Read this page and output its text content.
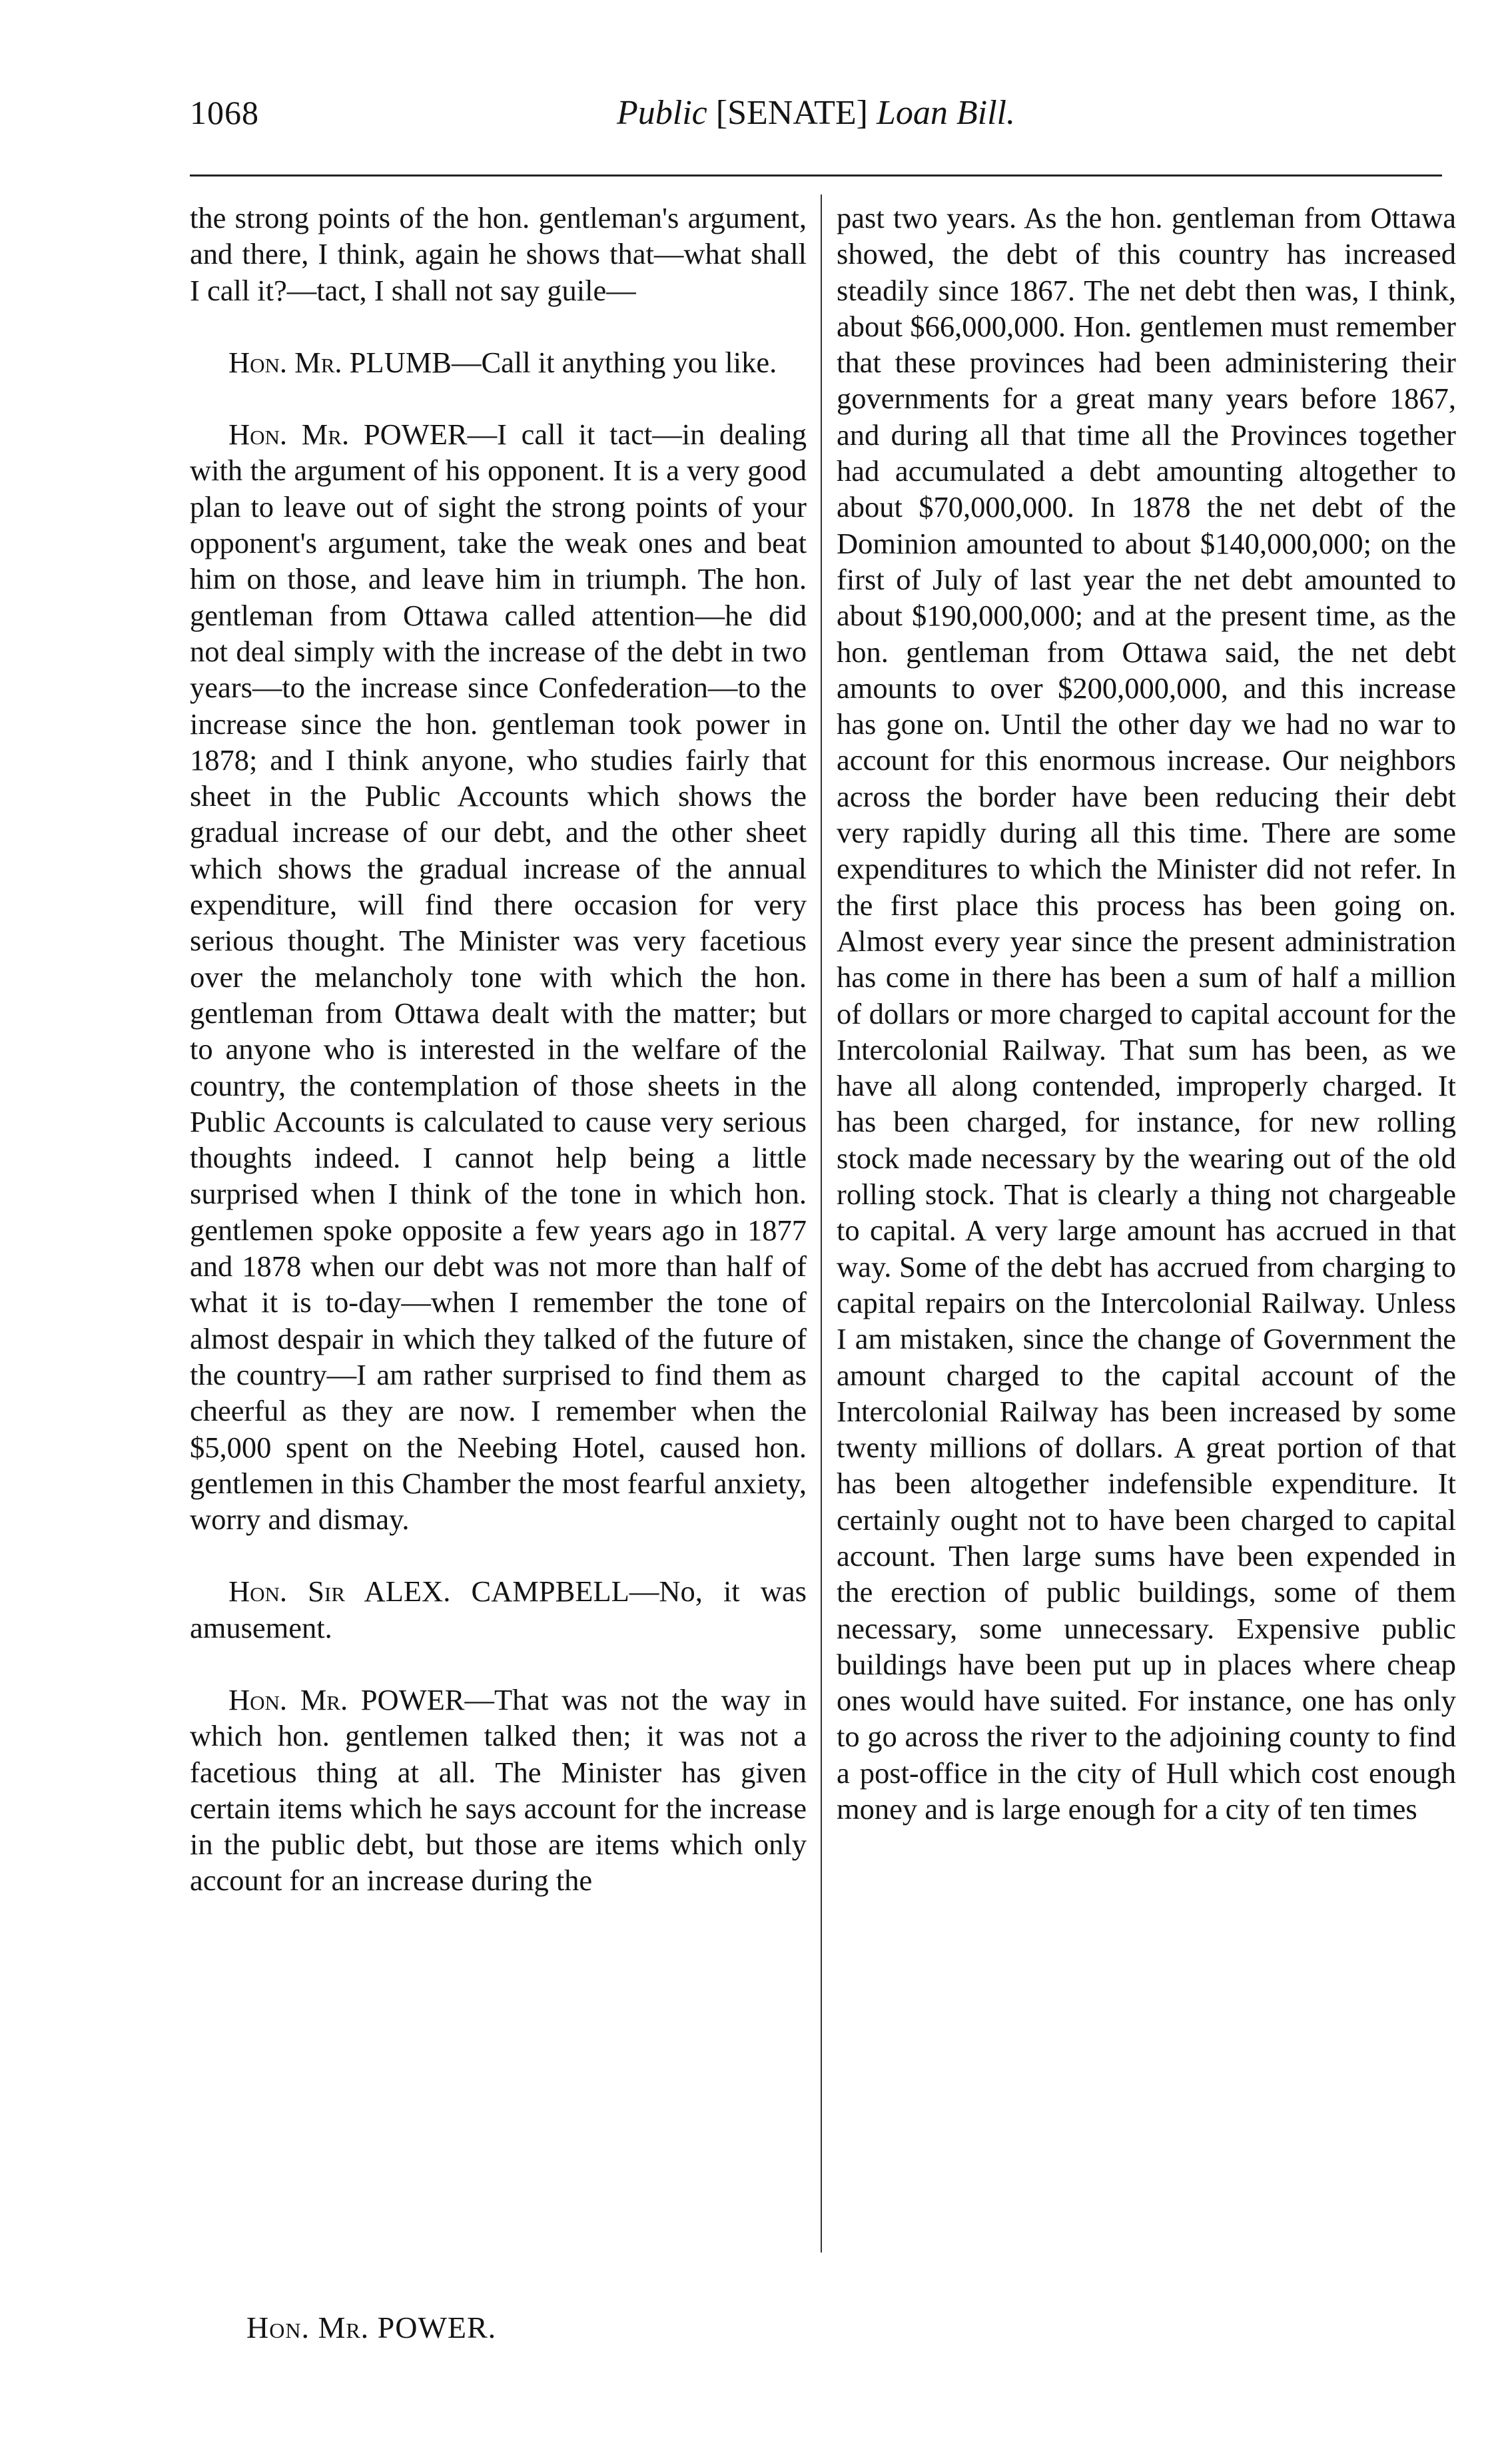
1068	Public [SENATE] Loan Bill.

the strong points of the hon. gentleman's argument, and there, I think, again he shows that—what shall I call it?—tact, I shall not say guile—

Hon. Mr. PLUMB—Call it anything you like.

Hon. Mr. POWER—I call it tact—in dealing with the argument of his opponent. It is a very good plan to leave out of sight the strong points of your opponent's argument, take the weak ones and beat him on those, and leave him in triumph. The hon. gentleman from Ottawa called attention—he did not deal simply with the increase of the debt in two years—to the increase since Confederation—to the increase since the hon. gentleman took power in 1878; and I think anyone, who studies fairly that sheet in the Public Accounts which shows the gradual increase of our debt, and the other sheet which shows the gradual increase of the annual expenditure, will find there occasion for very serious thought. The Minister was very facetious over the melancholy tone with which the hon. gentleman from Ottawa dealt with the matter; but to anyone who is interested in the welfare of the country, the contemplation of those sheets in the Public Accounts is calculated to cause very serious thoughts indeed. I cannot help being a little surprised when I think of the tone in which hon. gentlemen spoke opposite a few years ago in 1877 and 1878 when our debt was not more than half of what it is to-day—when I remember the tone of almost despair in which they talked of the future of the country—I am rather surprised to find them as cheerful as they are now. I remember when the $5,000 spent on the Neebing Hotel, caused hon. gentlemen in this Chamber the most fearful anxiety, worry and dismay.

Hon. Sir ALEX. CAMPBELL—No, it was amusement.

Hon. Mr. POWER—That was not the way in which hon. gentlemen talked then; it was not a facetious thing at all. The Minister has given certain items which he says account for the increase in the public debt, but those are items which only account for an increase during the

past two years. As the hon. gentleman from Ottawa showed, the debt of this country has increased steadily since 1867. The net debt then was, I think, about $66,000,000. Hon. gentlemen must remember that these provinces had been administering their governments for a great many years before 1867, and during all that time all the Provinces together had accumulated a debt amounting altogether to about $70,000,000. In 1878 the net debt of the Dominion amounted to about $140,000,000; on the first of July of last year the net debt amounted to about $190,000,000; and at the present time, as the hon. gentleman from Ottawa said, the net debt amounts to over $200,000,000, and this increase has gone on. Until the other day we had no war to account for this enormous increase. Our neighbors across the border have been reducing their debt very rapidly during all this time. There are some expenditures to which the Minister did not refer. In the first place this process has been going on. Almost every year since the present administration has come in there has been a sum of half a million of dollars or more charged to capital account for the Intercolonial Railway. That sum has been, as we have all along contended, improperly charged. It has been charged, for instance, for new rolling stock made necessary by the wearing out of the old rolling stock. That is clearly a thing not chargeable to capital. A very large amount has accrued in that way. Some of the debt has accrued from charging to capital repairs on the Intercolonial Railway. Unless I am mistaken, since the change of Government the amount charged to the capital account of the Intercolonial Railway has been increased by some twenty millions of dollars. A great portion of that has been altogether indefensible expenditure. It certainly ought not to have been charged to capital account. Then large sums have been expended in the erection of public buildings, some of them necessary, some unnecessary. Expensive public buildings have been put up in places where cheap ones would have suited. For instance, one has only to go across the river to the adjoining county to find a post-office in the city of Hull which cost enough money and is large enough for a city of ten times

Hon. Mr. POWER.
